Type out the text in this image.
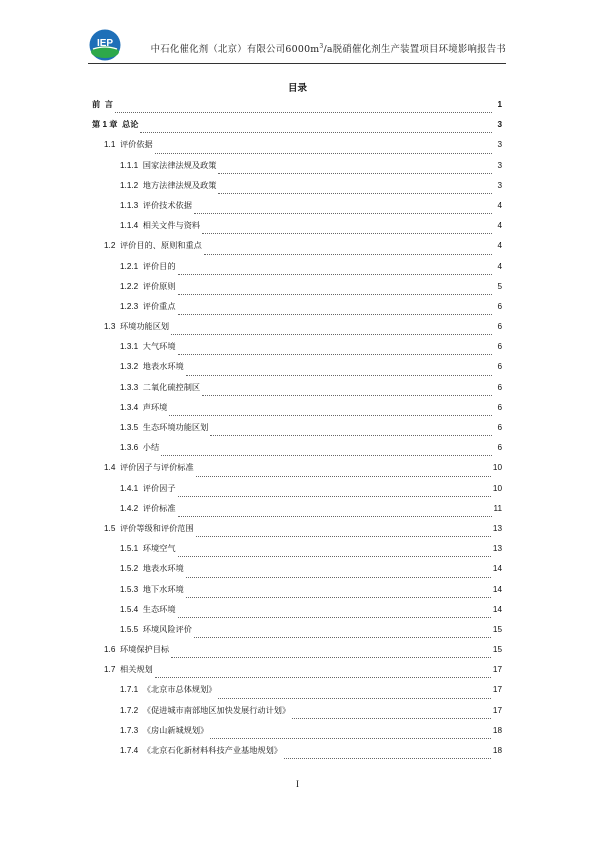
IEP
中石化催化剂（北京）有限公司$6000m^3/a$脱硝催化剂生产装置项目环境影响报告书
目录
前  言	1
第 1 章 总论	3
1.1 评价依据	3
1.1.1 国家法律法规及政策	3
1.1.2 地方法律法规及政策	3
1.1.3 评价技术依据	4
1.1.4 相关文件与资料	4
1.2 评价目的、原则和重点	4
1.2.1 评价目的	4
1.2.2 评价原则	5
1.2.3 评价重点	6
1.3 环境功能区划	6
1.3.1 大气环境	6
1.3.2 地表水环境	6
1.3.3 二氧化硫控制区	6
1.3.4 声环境	6
1.3.5 生态环境功能区划	6
1.3.6 小结	6
1.4 评价因子与评价标准	10
1.4.1 评价因子	10
1.4.2 评价标准	11
1.5 评价等级和评价范围	13
1.5.1 环境空气	13
1.5.2 地表水环境	14
1.5.3 地下水环境	14
1.5.4 生态环境	14
1.5.5 环境风险评价	15
1.6 环境保护目标	15
1.7 相关规划	17
1.7.1 《北京市总体规划》	17
1.7.2 《促进城市南部地区加快发展行动计划》	17
1.7.3 《房山新城规划》	18
1.7.4 《北京石化新材料科技产业基地规划》	18
I
